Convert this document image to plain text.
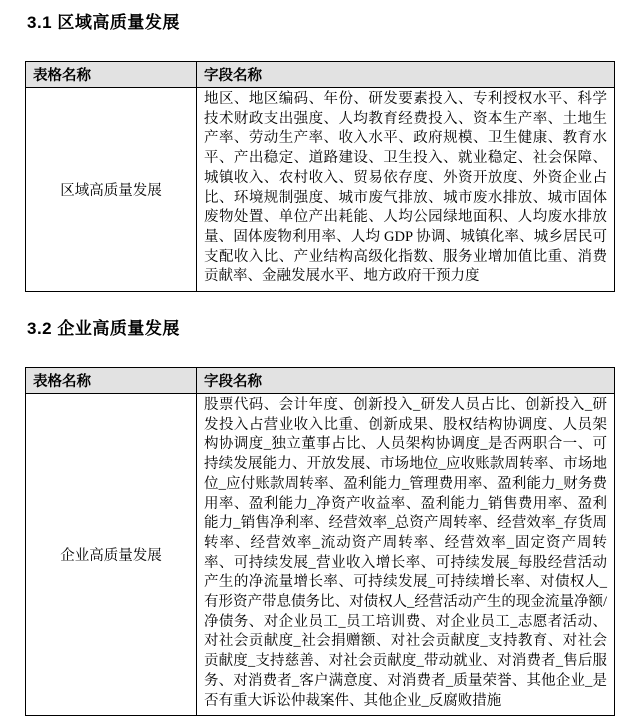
3.1 区域高质量发展
表格名称	字段名称
区域高质量发展	地区、地区编码、年份、研发要素投入、专利授权水平、科学技术财政支出强度、人均教育经费投入、资本生产率、土地生产率、劳动生产率、收入水平、政府规模、卫生健康、教育水平、产出稳定、道路建设、卫生投入、就业稳定、社会保障、城镇收入、农村收入、贸易依存度、外资开放度、外资企业占比、环境规制强度、城市废气排放、城市废水排放、城市固体废物处置、单位产出耗能、人均公园绿地面积、人均废水排放量、固体废物利用率、人均 GDP 协调、城镇化率、城乡居民可支配收入比、产业结构高级化指数、服务业增加值比重、消费贡献率、金融发展水平、地方政府干预力度
3.2 企业高质量发展
表格名称	字段名称
企业高质量发展	股票代码、会计年度、创新投入_研发人员占比、创新投入_研发投入占营业收入比重、创新成果、股权结构协调度、人员架构协调度_独立董事占比、人员架构协调度_是否两职合一、可持续发展能力、开放发展、市场地位_应收账款周转率、市场地位_应付账款周转率、盈利能力_管理费用率、盈利能力_财务费用率、盈利能力_净资产收益率、盈利能力_销售费用率、盈利能力_销售净利率、经营效率_总资产周转率、经营效率_存货周转率、经营效率_流动资产周转率、经营效率_固定资产周转率、可持续发展_营业收入增长率、可持续发展_每股经营活动产生的净流量增长率、可持续发展_可持续增长率、对债权人_有形资产带息债务比、对债权人_经营活动产生的现金流量净额/净债务、对企业员工_员工培训费、对企业员工_志愿者活动、对社会贡献度_社会捐赠额、对社会贡献度_支持教育、对社会贡献度_支持慈善、对社会贡献度_带动就业、对消费者_售后服务、对消费者_客户满意度、对消费者_质量荣誉、其他企业_是否有重大诉讼仲裁案件、其他企业_反腐败措施
